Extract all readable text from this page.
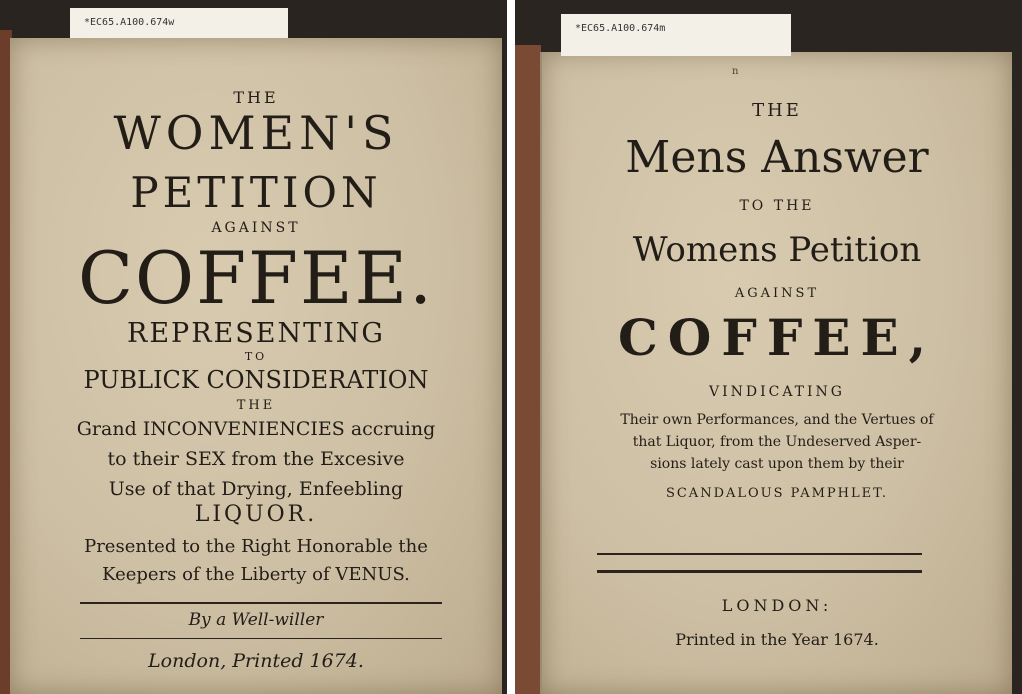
THE

WOMEN'S

PETITION

AGAINST

COFFEE.

REPRESENTING

TO

PUBLICK CONSIDERATION

THE

Grand INCONVENIENCIES accruing

to their SEX from the Excesive

Use of that Drying, Enfeebling

LIQUOR.

Presented to the Right Honorable the

Keepers of the Liberty of VENUS.

By a Well-willer

London, Printed 1674.

*EC65.A100.674w
n

THE

Mens Answer

TO THE

Womens Petition

AGAINST

COFFEE,

VINDICATING

Their own Performances, and the Vertues of

that Liquor, from the Undeserved Asper-

sions lately cast upon them by their

SCANDALOUS PAMPHLET.

LONDON:

Printed in the Year 1674.

*EC65.A100.674m
